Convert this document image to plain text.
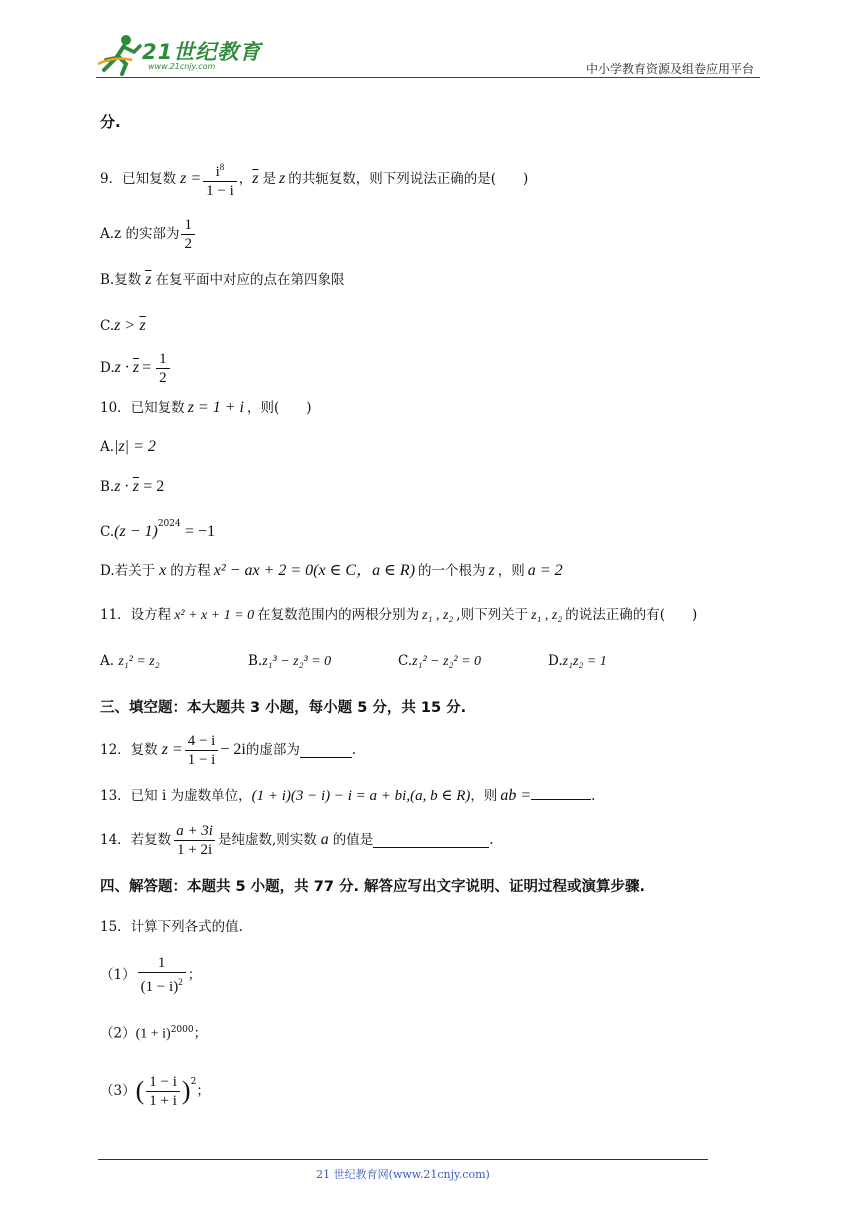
21世纪教育
www.21cnjy.com	中小学教育资源及组卷应用平台
分.
9．已知复数 $z = \frac{i^8}{1 - i}$ ， $\overline{z}$ 是 z 的共轭复数，则下列说法正确的是(　　)
A.z 的实部为 $\frac{1}{2}$
B.复数 $\overline{z}$ 在复平面中对应的点在第四象限
$C.z > \overline{z}$
D. $z \cdot \overline{z} = \frac{1}{2}$
10．已知复数 z = 1 + i ，则(　　)
A.|z| = 2
$B.z \cdot \overline{z} = 2$
$C.(z - 1)^{2024} = -1$
D.若关于 x 的方程 x² − ax + 2 = 0(x ∈ C，a ∈ R) 的一个根为 z ，则 a = 2
11．设方程 x² + x + 1 = 0 在复数范围内的两根分别为 z₁ , z₂ ,则下列关于 z₁ , z₂ 的说法正确的有(　　)
A. z₁² = z₂	B.z₁³ − z₂³ = 0	C.z₁² − z₂² = 0	D.z₁z₂ = 1
三、填空题：本大题共 3 小题，每小题 5 分，共 15 分.
12．复数 $z = \frac{4 - i}{1 - i} - 2i$ 的虚部为	.
13．已知 i 为虚数单位，(1 + i)(3 − i) − i = a + bi,(a, b ∈ R)，则 ab =	.
14．若复数 $\frac{a + 3i}{1 + 2i}$ 是纯虚数,则实数 a 的值是	.
四、解答题：本题共 5 小题，共 77 分. 解答应写出文字说明、证明过程或演算步骤.
15．计算下列各式的值.
$(1) \frac{1}{(1 - i)^2}$ ；
$(2)(1 + i)^{2000}$；
（3） ( $\frac{1 - i}{1 + i} )^2$
；
21 世纪教育网(www.21cnjy.com)
